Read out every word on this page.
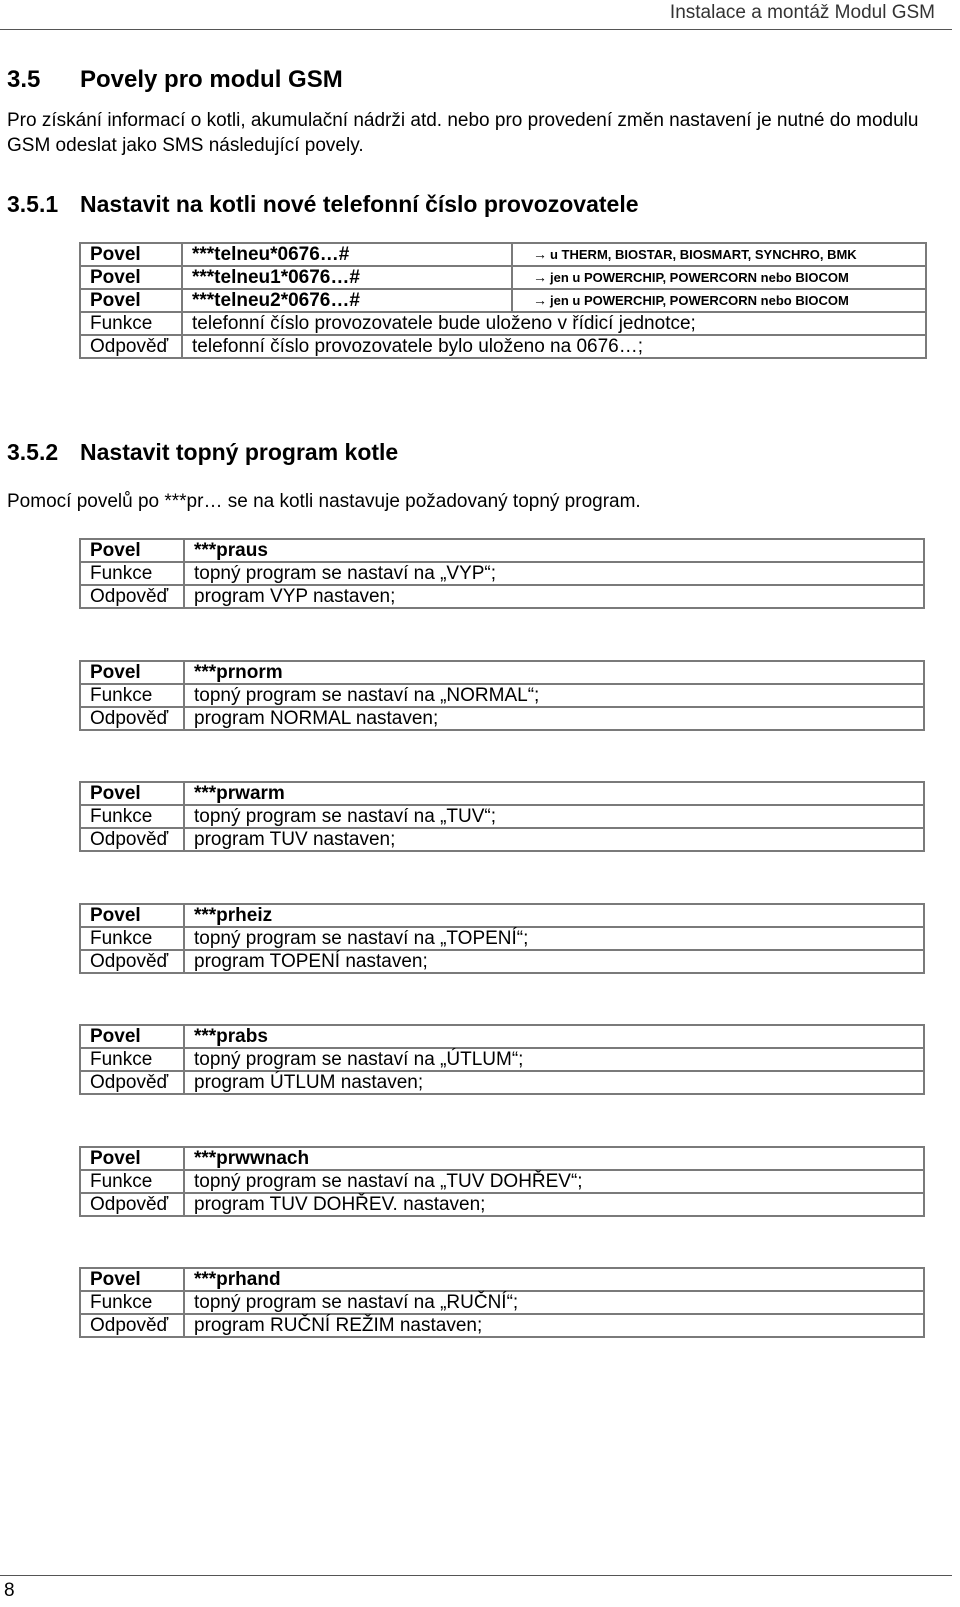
Instalace a montáž Modul GSM
3.5 Povely pro modul GSM
Pro získání informací o kotli, akumulační nádrži atd. nebo pro provedení změn nastavení je nutné do modulu GSM odeslat jako SMS následující povely.
3.5.1 Nastavit na kotli nové telefonní číslo provozovatele
Povel	***telneu*0676…#	→ u THERM, BIOSTAR, BIOSMART, SYNCHRO, BMK
Povel	***telneu1*0676…#	→ jen u POWERCHIP, POWERCORN nebo BIOCOM
Povel	***telneu2*0676…#	→ jen u POWERCHIP, POWERCORN nebo BIOCOM
Funkce	telefonní číslo provozovatele bude uloženo v řídicí jednotce;	
Odpověď	telefonní číslo provozovatele bylo uloženo na 0676…;	
3.5.2 Nastavit topný program kotle
Pomocí povelů po ***pr… se na kotli nastavuje požadovaný topný program.
Povel	***praus
Funkce	topný program se nastaví na „VYP“;
Odpověď	program VYP nastaven;
Povel	***prnorm
Funkce	topný program se nastaví na „NORMAL“;
Odpověď	program NORMAL nastaven;
Povel	***prwarm
Funkce	topný program se nastaví na „TUV“;
Odpověď	program TUV nastaven;
Povel	***prheiz
Funkce	topný program se nastaví na „TOPENÍ“;
Odpověď	program TOPENÍ nastaven;
Povel	***prabs
Funkce	topný program se nastaví na „ÚTLUM“;
Odpověď	program ÚTLUM nastaven;
Povel	***prwwnach
Funkce	topný program se nastaví na „TUV DOHŘEV“;
Odpověď	program TUV DOHŘEV. nastaven;
Povel	***prhand
Funkce	topný program se nastaví na „RUČNÍ“;
Odpověď	program RUČNÍ REŽIM nastaven;
8
